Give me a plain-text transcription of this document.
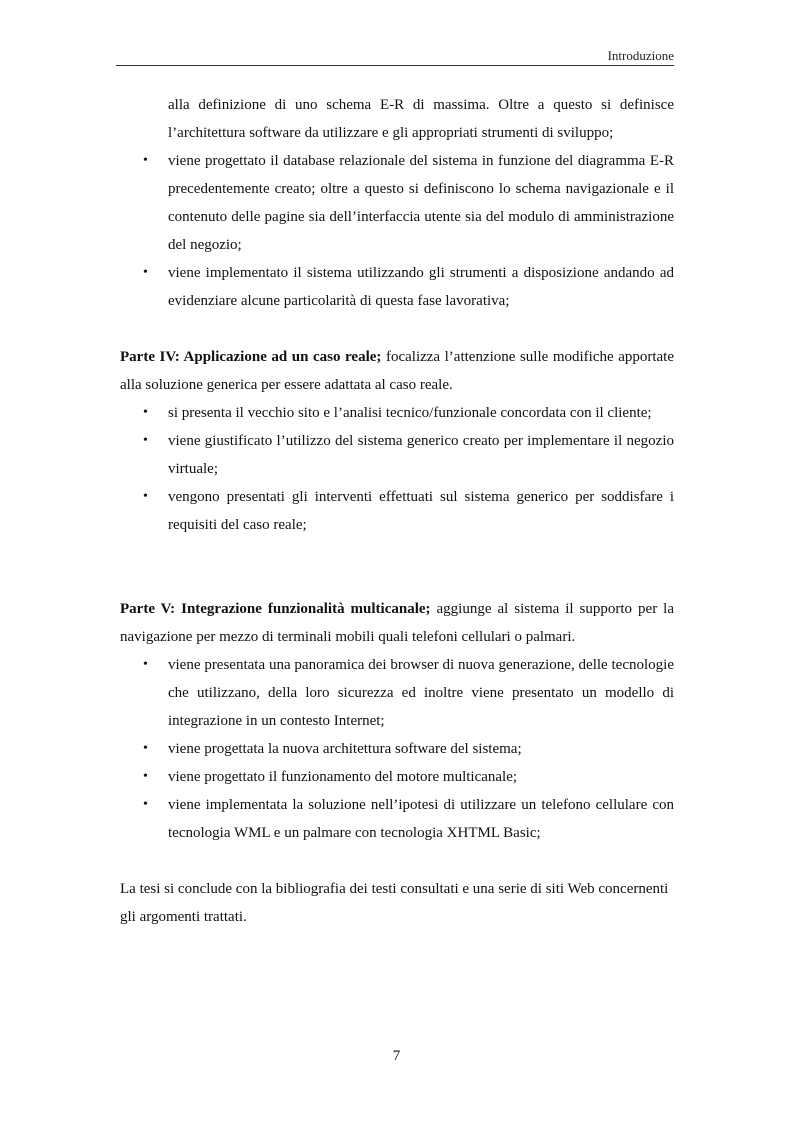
Introduzione
alla definizione di uno schema E-R di massima. Oltre a questo si definisce l’architettura software da utilizzare e gli appropriati strumenti di sviluppo;
• viene progettato il database relazionale del sistema in funzione del diagramma E-R precedentemente creato; oltre a questo si definiscono lo schema navigazionale e il contenuto delle pagine sia dell’interfaccia utente sia del modulo di amministrazione del negozio;
• viene implementato il sistema utilizzando gli strumenti a disposizione andando ad evidenziare alcune particolarità di questa fase lavorativa;

Parte IV: Applicazione ad un caso reale; focalizza l’attenzione sulle modifiche apportate alla soluzione generica per essere adattata al caso reale.

• si presenta il vecchio sito e l’analisi tecnico/funzionale concordata con il cliente;
• viene giustificato l’utilizzo del sistema generico creato per implementare il negozio virtuale;
• vengono presentati gli interventi effettuati sul sistema generico per soddisfare i requisiti del caso reale;

Parte V: Integrazione funzionalità multicanale; aggiunge al sistema il supporto per la navigazione per mezzo di terminali mobili quali telefoni cellulari o palmari.

• viene presentata una panoramica dei browser di nuova generazione, delle tecnologie che utilizzano, della loro sicurezza ed inoltre viene presentato un modello di integrazione in un contesto Internet;
• viene progettata la nuova architettura software del sistema;
• viene progettato il funzionamento del motore multicanale;
• viene implementata la soluzione nell’ipotesi di utilizzare un telefono cellulare con tecnologia WML e un palmare con tecnologia XHTML Basic;

La tesi si conclude con la bibliografia dei testi consultati e una serie di siti Web concernenti gli argomenti trattati.

7
